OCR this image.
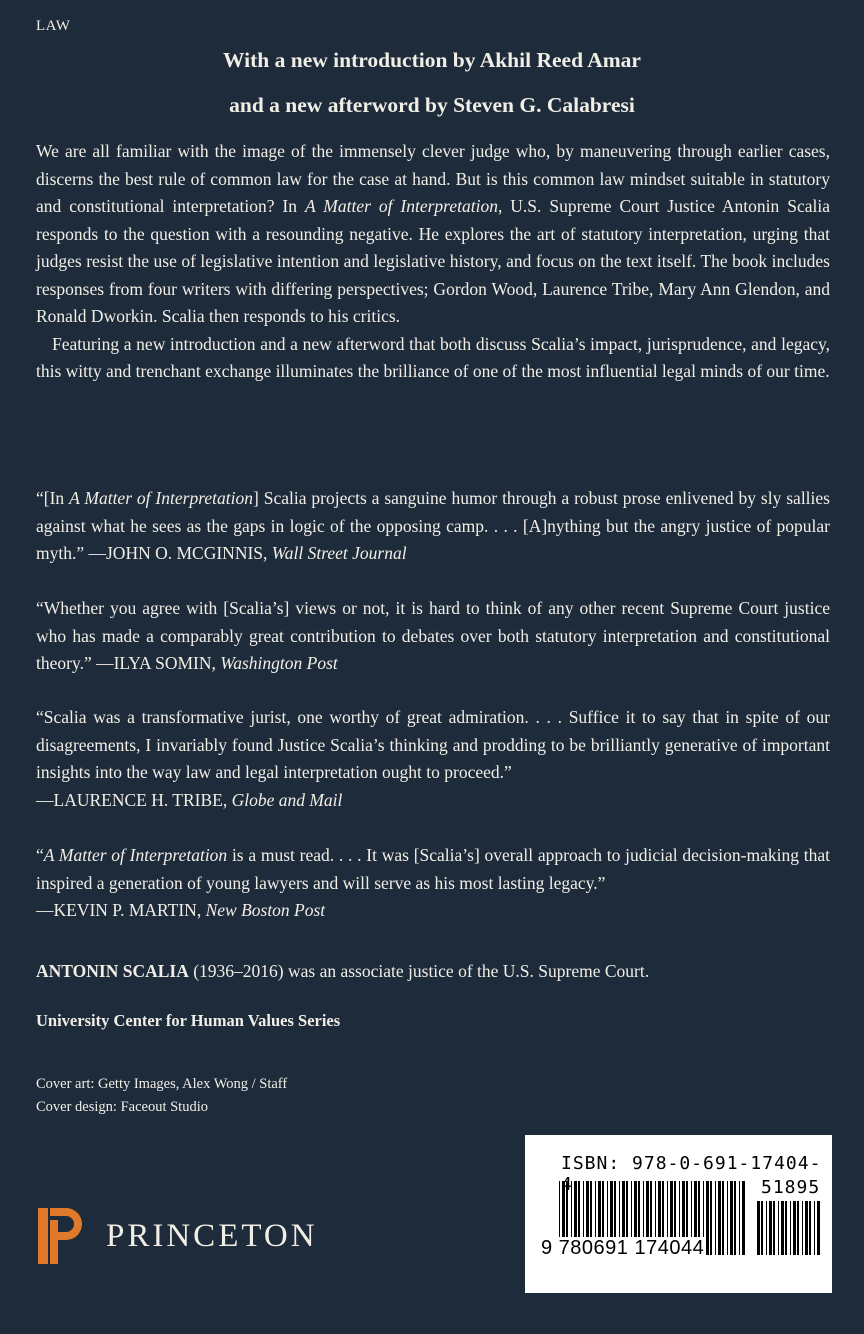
LAW
With a new introduction by Akhil Reed Amar
and a new afterword by Steven G. Calabresi

We are all familiar with the image of the immensely clever judge who, by maneuvering through earlier cases, discerns the best rule of common law for the case at hand. But is this common law mindset suitable in statutory and constitutional interpretation? In A Matter of Interpretation, U.S. Supreme Court Justice Antonin Scalia responds to the question with a resounding negative. He explores the art of statutory interpretation, urging that judges resist the use of legislative intention and legislative history, and focus on the text itself. The book includes responses from four writers with differing perspectives; Gordon Wood, Laurence Tribe, Mary Ann Glendon, and Ronald Dworkin. Scalia then responds to his critics.

Featuring a new introduction and a new afterword that both discuss Scalia’s impact, jurisprudence, and legacy, this witty and trenchant exchange illuminates the brilliance of one of the most influential legal minds of our time.

“[In A Matter of Interpretation] Scalia projects a sanguine humor through a robust prose enlivened by sly sallies against what he sees as the gaps in logic of the opposing camp. . . . [A]nything but the angry justice of popular myth.” —JOHN O. MCGINNIS, Wall Street Journal

“Whether you agree with [Scalia’s] views or not, it is hard to think of any other recent Supreme Court justice who has made a comparably great contribution to debates over both statutory interpretation and constitutional theory.” —ILYA SOMIN, Washington Post

“Scalia was a transformative jurist, one worthy of great admiration. . . . Suffice it to say that in spite of our disagreements, I invariably found Justice Scalia’s thinking and prodding to be brilliantly generative of important insights into the way law and legal interpretation ought to proceed.”

—LAURENCE H. TRIBE, Globe and Mail

“A Matter of Interpretation is a must read. . . . It was [Scalia’s] overall approach to judicial decision-making that inspired a generation of young lawyers and will serve as his most lasting legacy.”

—KEVIN P. MARTIN, New Boston Post

ANTONIN SCALIA (1936–2016) was an associate justice of the U.S. Supreme Court.

University Center for Human Values Series
Cover art: Getty Images, Alex Wong / Staff
Cover design: Faceout Studio
PRINCETON
ISBN: 978-0-691-17404-4	51895
9 780691 174044
